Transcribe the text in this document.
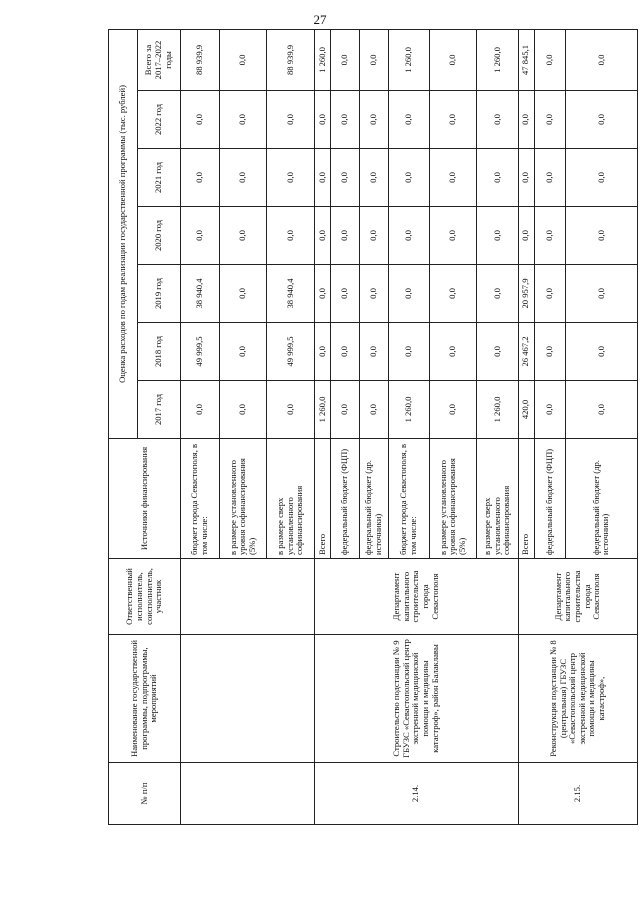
27
№ п/п	Наименование государственной программы, подпрограммы, мероприятий	Ответственный исполнитель, соисполнитель, участник	Источники финансирования	Оценка расходов по годам реализации государственной программы (тыс. рублей)						
				2017 год	2018 год	2019 год	2020 год	2021 год	2022 год	Всего за 2017–2022 годы
			бюджет города Севастополя, в том числе:	0,0	49 999,5	38 940,4	0,0	0,0	0,0	88 939,9
			в размере установленного уровня софинансирования (5%)	0,0	0,0	0,0	0,0	0,0	0,0	0,0
			в размере сверх установленного софинансирования	0,0	49 999,5	38 940,4	0,0	0,0	0,0	88 939,9
2.14.	Строительство подстанции № 9 ГБУЗС «Севастопольский центр экстренной медицинской помощи и медицины катастроф», район Балаклавы	Департамент капитального строительства города Севастополя	Всего	1 260,0	0,0	0,0	0,0	0,0	0,0	1 260,0
			федеральный бюджет (ФЦП)	0,0	0,0	0,0	0,0	0,0	0,0	0,0
			федеральный бюджет (др. источники)	0,0	0,0	0,0	0,0	0,0	0,0	0,0
			бюджет города Севастополя, в том числе:	1 260,0	0,0	0,0	0,0	0,0	0,0	1 260,0
			в размере установленного уровня софинансирования (5%)	0,0	0,0	0,0	0,0	0,0	0,0	0,0
			в размере сверх установленного софинансирования	1 260,0	0,0	0,0	0,0	0,0	0,0	1 260,0
2.15.	Реконструкция подстанции № 8 (центральная) ГБУЗС «Севастопольский центр экстренной медицинской помощи и медицины катастроф»,	Департамент капитального строительства города Севастополя	Всего	420,0	26 467,2	20 957,9	0,0	0,0	0,0	47 845,1
			федеральный бюджет (ФЦП)	0,0	0,0	0,0	0,0	0,0	0,0	0,0
			федеральный бюджет (др. источники)	0,0	0,0	0,0	0,0	0,0	0,0	0,0
